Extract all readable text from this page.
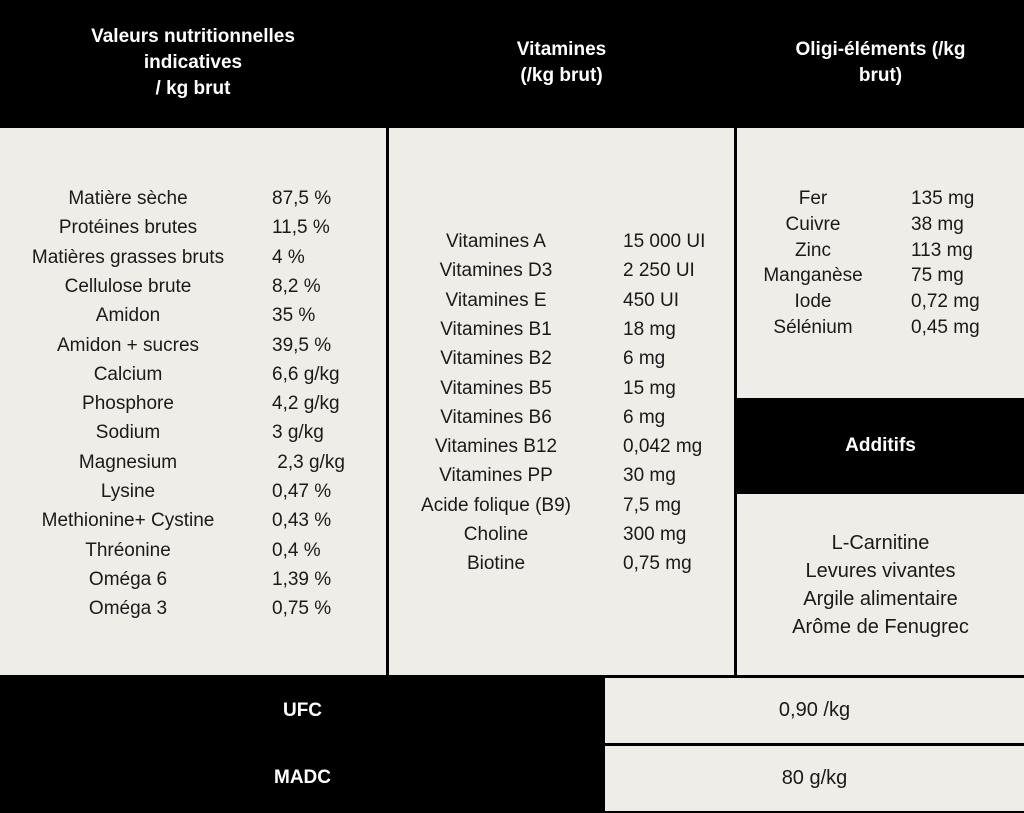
Valeurs nutritionnelles
indicatives
/ kg brut
Vitamines
(/kg brut)
Oligi-éléments (/kg
brut)
Matière sèche	87,5 %
Protéines brutes	11,5 %
Matières grasses bruts	4 %
Cellulose brute	8,2 %
Amidon	35 %
Amidon + sucres	39,5 %
Calcium	6,6 g/kg
Phosphore	4,2 g/kg
Sodium	3 g/kg
Magnesium	2,3 g/kg
Lysine	0,47 %
Methionine+ Cystine	0,43 %
Thréonine	0,4 %
Oméga 6	1,39 %
Oméga 3	0,75 %
Vitamines A	15 000 UI
Vitamines D3	2 250 UI
Vitamines E	450 UI
Vitamines B1	18 mg
Vitamines B2	6 mg
Vitamines B5	15 mg
Vitamines B6	6 mg
Vitamines B12	0,042 mg
Vitamines PP	30 mg
Acide folique (B9)	7,5 mg
Choline	300 mg
Biotine	0,75 mg
Fer	135 mg
Cuivre	38 mg
Zinc	113 mg
Manganèse	75 mg
Iode	0,72 mg
Sélénium	0,45 mg
Additifs
L-Carnitine
Levures vivantes
Argile alimentaire
Arôme de Fenugrec
UFC	0,90 /kg
MADC	80 g/kg
